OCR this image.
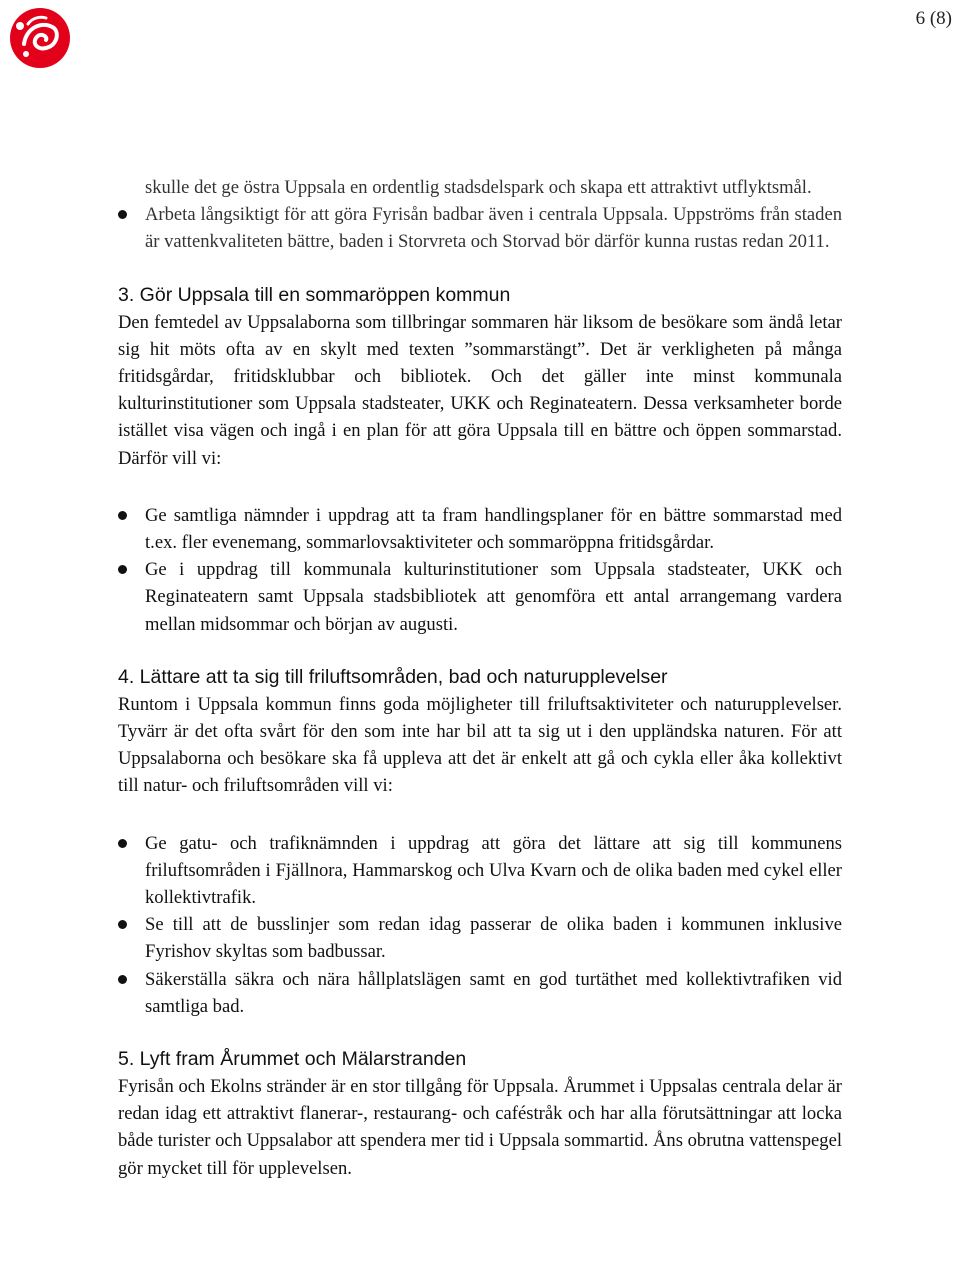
6 (8)

skulle det ge östra Uppsala en ordentlig stadsdelspark och skapa ett attraktivt utflyktsmål.

Arbeta långsiktigt för att göra Fyrisån badbar även i centrala Uppsala. Uppströms från staden är vattenkvaliteten bättre, baden i Storvreta och Storvad bör därför kunna rustas redan 2011.
3. Gör Uppsala till en sommaröppen kommun

Den femtedel av Uppsalaborna som tillbringar sommaren här liksom de besökare som ändå letar sig hit möts ofta av en skylt med texten ”sommarstängt”. Det är verkligheten på många fritidsgårdar, fritidsklubbar och bibliotek. Och det gäller inte minst kommunala kulturinstitutioner som Uppsala stadsteater, UKK och Reginateatern. Dessa verksamheter borde istället visa vägen och ingå i en plan för att göra Uppsala till en bättre och öppen sommarstad. Därför vill vi:

Ge samtliga nämnder i uppdrag att ta fram handlingsplaner för en bättre sommarstad med t.ex. fler evenemang, sommarlovsaktiviteter och sommaröppna fritidsgårdar.
Ge i uppdrag till kommunala kulturinstitutioner som Uppsala stadsteater, UKK och Reginateatern samt Uppsala stadsbibliotek att genomföra ett antal arrangemang vardera mellan midsommar och början av augusti.
4. Lättare att ta sig till friluftsområden, bad och naturupplevelser

Runtom i Uppsala kommun finns goda möjligheter till friluftsaktiviteter och naturupplevelser. Tyvärr är det ofta svårt för den som inte har bil att ta sig ut i den uppländska naturen. För att Uppsalaborna och besökare ska få uppleva att det är enkelt att gå och cykla eller åka kollektivt till natur- och friluftsområden vill vi:

Ge gatu- och trafiknämnden i uppdrag att göra det lättare att sig till kommunens friluftsområden i Fjällnora, Hammarskog och Ulva Kvarn och de olika baden med cykel eller kollektivtrafik.
Se till att de busslinjer som redan idag passerar de olika baden i kommunen inklusive Fyrishov skyltas som badbussar.
Säkerställa säkra och nära hållplatslägen samt en god turtäthet med kollektivtrafiken vid samtliga bad.
5. Lyft fram Årummet och Mälarstranden

Fyrisån och Ekolns stränder är en stor tillgång för Uppsala. Årummet i Uppsalas centrala delar är redan idag ett attraktivt flanerar-, restaurang- och caféstråk och har alla förutsättningar att locka både turister och Uppsalabor att spendera mer tid i Uppsala sommartid. Åns obrutna vattenspegel gör mycket till för upplevelsen.
